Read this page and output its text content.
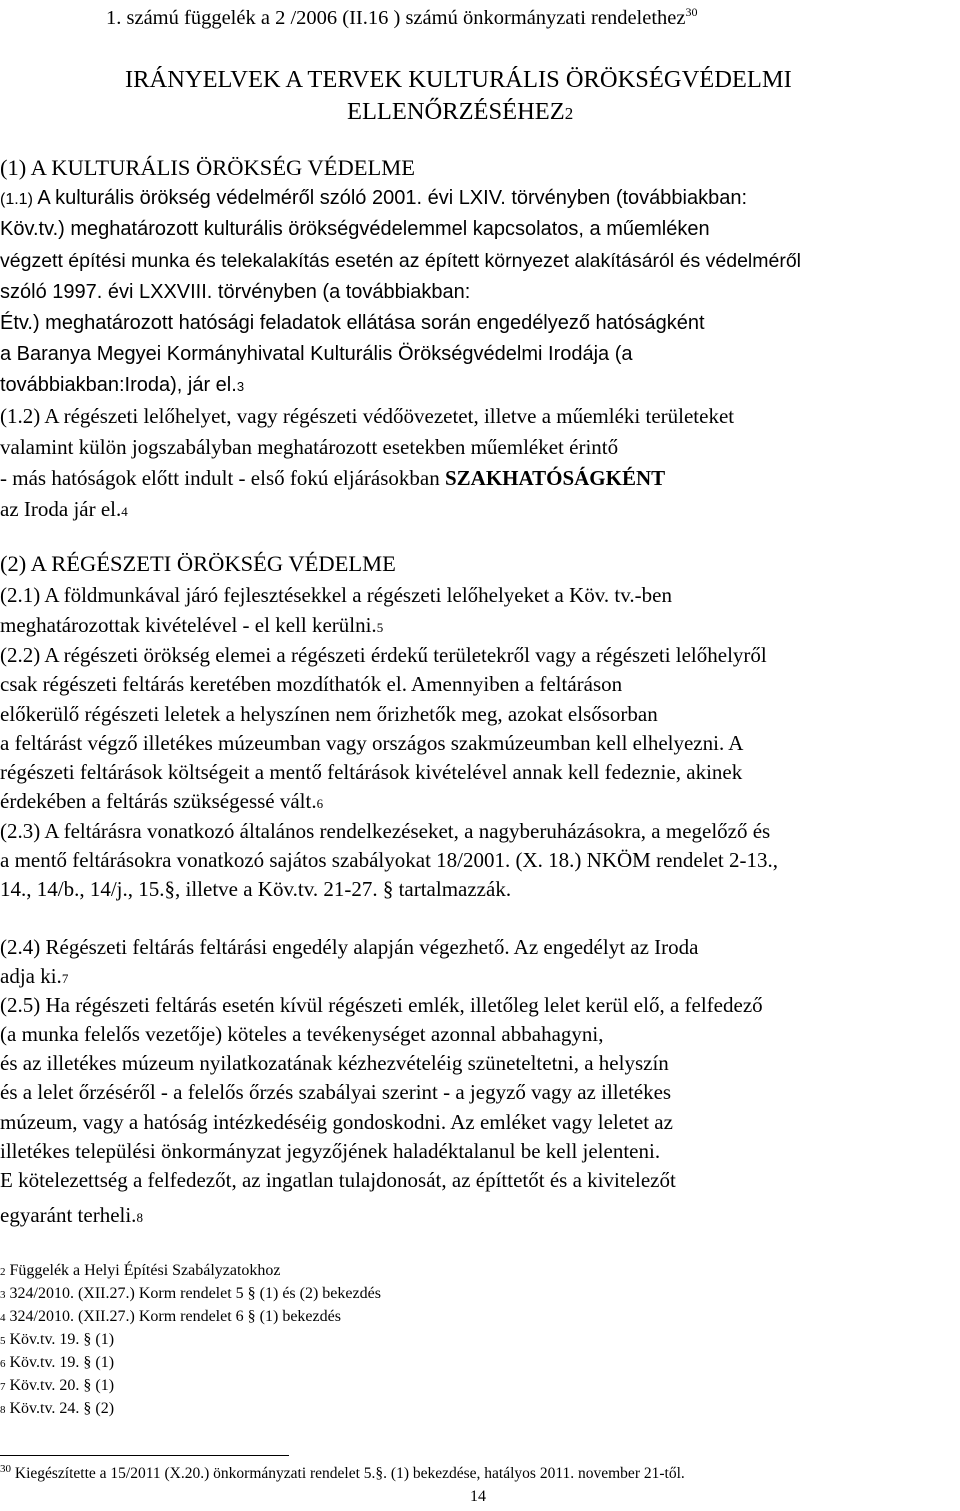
1. számú függelék a 2 /2006 (II.16 ) számú önkormányzati rendelethez$^{30}$
IRÁNYELVEK A TERVEK KULTURÁLIS ÖRÖKSÉGVÉDELMI
ELLENŐRZÉSÉHEZ2
(1) A KULTURÁLIS ÖRÖKSÉG VÉDELME
(1.1) A kulturális örökség védelméről szóló 2001. évi LXIV. törvényben (továbbiakban:
Köv.tv.) meghatározott kulturális örökségvédelemmel kapcsolatos, a műemléken
végzett építési munka és telekalakítás esetén az épített környezet alakításáról és védelméről
szóló 1997. évi LXXVIII. törvényben (a továbbiakban:
Étv.) meghatározott hatósági feladatok ellátása során engedélyező hatóságként
a Baranya Megyei Kormányhivatal Kulturális Örökségvédelmi Irodája (a
továbbiakban:Iroda), jár el.3
(1.2) A régészeti lelőhelyet, vagy régészeti védőövezetet, illetve a műemléki területeket
valamint külön jogszabályban meghatározott esetekben műemléket érintő
- más hatóságok előtt indult - első fokú eljárásokban SZAKHATÓSÁGKÉNT
az Iroda jár el.4
(2) A RÉGÉSZETI ÖRÖKSÉG VÉDELME
(2.1) A földmunkával járó fejlesztésekkel a régészeti lelőhelyeket a Köv. tv.-ben
meghatározottak kivételével - el kell kerülni.5
(2.2) A régészeti örökség elemei a régészeti érdekű területekről vagy a régészeti lelőhelyről
csak régészeti feltárás keretében mozdíthatók el. Amennyiben a feltáráson
előkerülő régészeti leletek a helyszínen nem őrizhetők meg, azokat elsősorban
a feltárást végző illetékes múzeumban vagy országos szakmúzeumban kell elhelyezni. A
régészeti feltárások költségeit a mentő feltárások kivételével annak kell fedeznie, akinek
érdekében a feltárás szükségessé vált.6
(2.3) A feltárásra vonatkozó általános rendelkezéseket, a nagyberuházásokra, a megelőző és
a mentő feltárásokra vonatkozó sajátos szabályokat 18/2001. (X. 18.) NKÖM rendelet 2-13.,
14., 14/b., 14/j., 15.§, illetve a Köv.tv. 21-27. § tartalmazzák.
(2.4) Régészeti feltárás feltárási engedély alapján végezhető. Az engedélyt az Iroda
adja ki.7
(2.5) Ha régészeti feltárás esetén kívül régészeti emlék, illetőleg lelet kerül elő, a felfedező
(a munka felelős vezetője) köteles a tevékenységet azonnal abbahagyni,
és az illetékes múzeum nyilatkozatának kézhezvételéig szüneteltetni, a helyszín
és a lelet őrzéséről - a felelős őrzés szabályai szerint - a jegyző vagy az illetékes
múzeum, vagy a hatóság intézkedéséig gondoskodni. Az emléket vagy leletet az
illetékes települési önkormányzat jegyzőjének haladéktalanul be kell jelenteni.
E kötelezettség a felfedezőt, az ingatlan tulajdonosát, az építtetőt és a kivitelezőt
egyaránt terheli.8
2 Függelék a Helyi Építési Szabályzatokhoz
3 324/2010. (XII.27.) Korm rendelet 5 § (1) és (2) bekezdés
4 324/2010. (XII.27.) Korm rendelet 6 § (1) bekezdés
5 Köv.tv. 19. § (1)
6 Köv.tv. 19. § (1)
7 Köv.tv. 20. § (1)
8 Köv.tv. 24. § (2)
$^{30}$ Kiegészítette a 15/2011 (X.20.) önkormányzati rendelet 5.§. (1) bekezdése, hatályos 2011. november 21-től.
14
